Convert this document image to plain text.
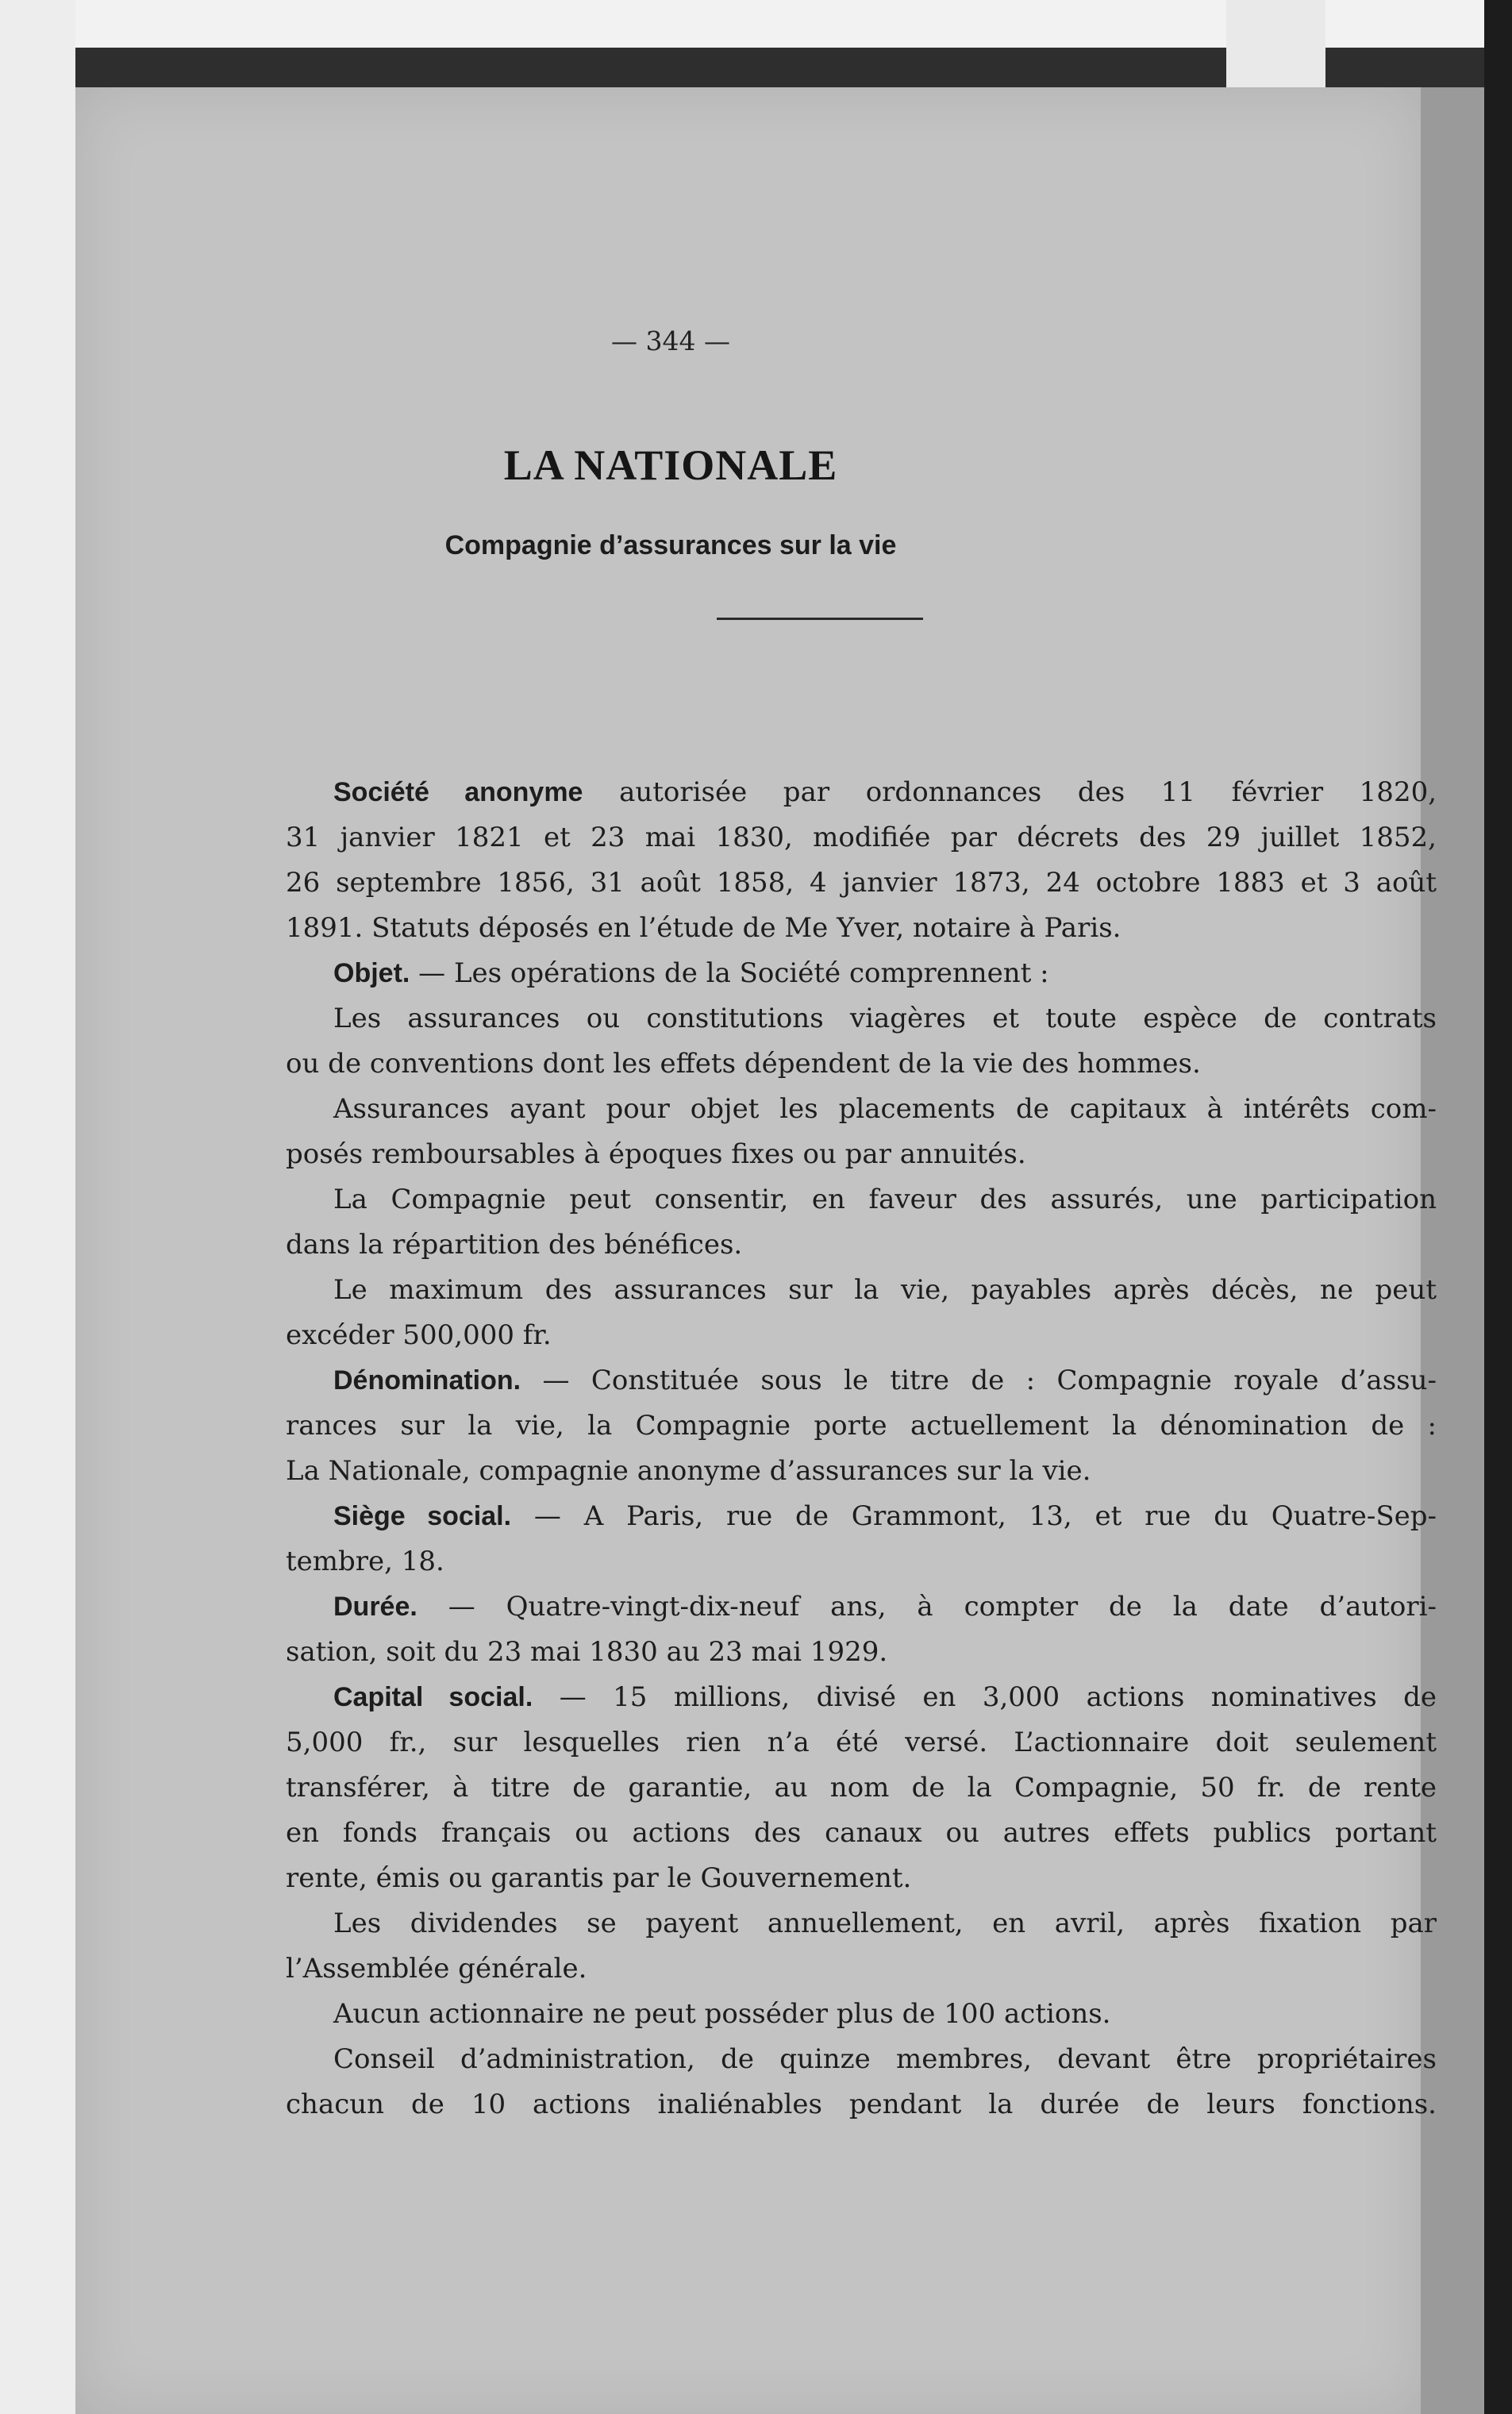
— 344 —
LA NATIONALE
Compagnie d’assurances sur la vie
Société anonyme autorisée par ordonnances des 11 février 1820,
31 janvier 1821 et 23 mai 1830, modifiée par décrets des 29 juillet 1852,
26 septembre 1856, 31 août 1858, 4 janvier 1873, 24 octobre 1883 et 3 août
1891. Statuts déposés en l’étude de Me Yver, notaire à Paris.
Objet. — Les opérations de la Société comprennent :
Les assurances ou constitutions viagères et toute espèce de contrats
ou de conventions dont les effets dépendent de la vie des hommes.
Assurances ayant pour objet les placements de capitaux à intérêts com-
posés remboursables à époques fixes ou par annuités.
La Compagnie peut consentir, en faveur des assurés, une participation
dans la répartition des bénéfices.
Le maximum des assurances sur la vie, payables après décès, ne peut
excéder 500,000 fr.
Dénomination. — Constituée sous le titre de : Compagnie royale d’assu-
rances sur la vie, la Compagnie porte actuellement la dénomination de :
La Nationale, compagnie anonyme d’assurances sur la vie.
Siège social. — A Paris, rue de Grammont, 13, et rue du Quatre-Sep-
tembre, 18.
Durée. — Quatre-vingt-dix-neuf ans, à compter de la date d’autori-
sation, soit du 23 mai 1830 au 23 mai 1929.
Capital social. — 15 millions, divisé en 3,000 actions nominatives de
5,000 fr., sur lesquelles rien n’a été versé. L’actionnaire doit seulement
transférer, à titre de garantie, au nom de la Compagnie, 50 fr. de rente
en fonds français ou actions des canaux ou autres effets publics portant
rente, émis ou garantis par le Gouvernement.
Les dividendes se payent annuellement, en avril, après fixation par
l’Assemblée générale.
Aucun actionnaire ne peut posséder plus de 100 actions.
Conseil d’administration, de quinze membres, devant être propriétaires
chacun de 10 actions inaliénables pendant la durée de leurs fonctions.
